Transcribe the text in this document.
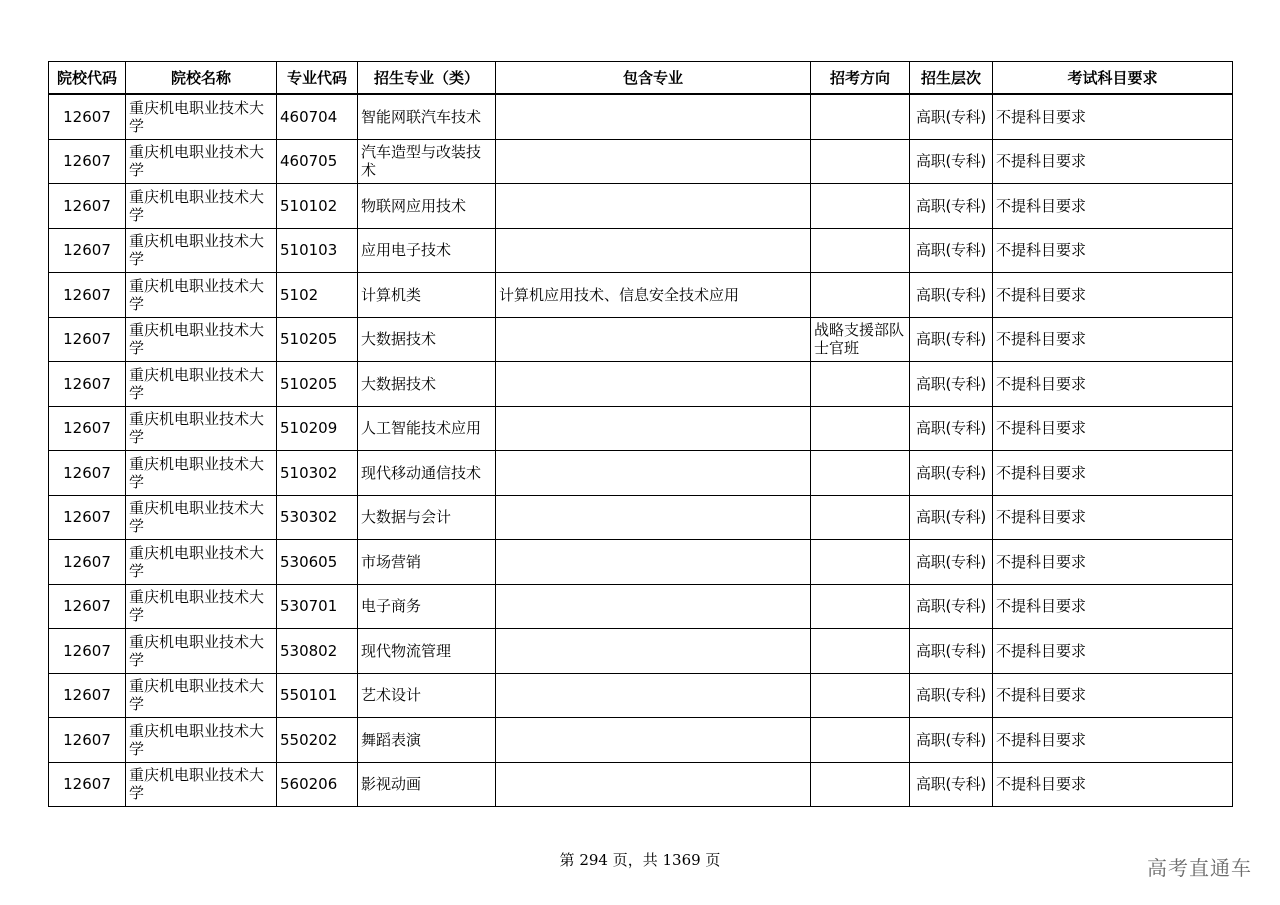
院校代码	院校名称	专业代码	招生专业（类）	包含专业	招考方向	招生层次	考试科目要求
12607	重庆机电职业技术大学	460704	智能网联汽车技术			高职(专科)	不提科目要求
12607	重庆机电职业技术大学	460705	汽车造型与改装技术			高职(专科)	不提科目要求
12607	重庆机电职业技术大学	510102	物联网应用技术			高职(专科)	不提科目要求
12607	重庆机电职业技术大学	510103	应用电子技术			高职(专科)	不提科目要求
12607	重庆机电职业技术大学	5102	计算机类	计算机应用技术、信息安全技术应用		高职(专科)	不提科目要求
12607	重庆机电职业技术大学	510205	大数据技术		战略支援部队士官班	高职(专科)	不提科目要求
12607	重庆机电职业技术大学	510205	大数据技术			高职(专科)	不提科目要求
12607	重庆机电职业技术大学	510209	人工智能技术应用			高职(专科)	不提科目要求
12607	重庆机电职业技术大学	510302	现代移动通信技术			高职(专科)	不提科目要求
12607	重庆机电职业技术大学	530302	大数据与会计			高职(专科)	不提科目要求
12607	重庆机电职业技术大学	530605	市场营销			高职(专科)	不提科目要求
12607	重庆机电职业技术大学	530701	电子商务			高职(专科)	不提科目要求
12607	重庆机电职业技术大学	530802	现代物流管理			高职(专科)	不提科目要求
12607	重庆机电职业技术大学	550101	艺术设计			高职(专科)	不提科目要求
12607	重庆机电职业技术大学	550202	舞蹈表演			高职(专科)	不提科目要求
12607	重庆机电职业技术大学	560206	影视动画			高职(专科)	不提科目要求
第 294 页，共 1369 页	高考直通车
